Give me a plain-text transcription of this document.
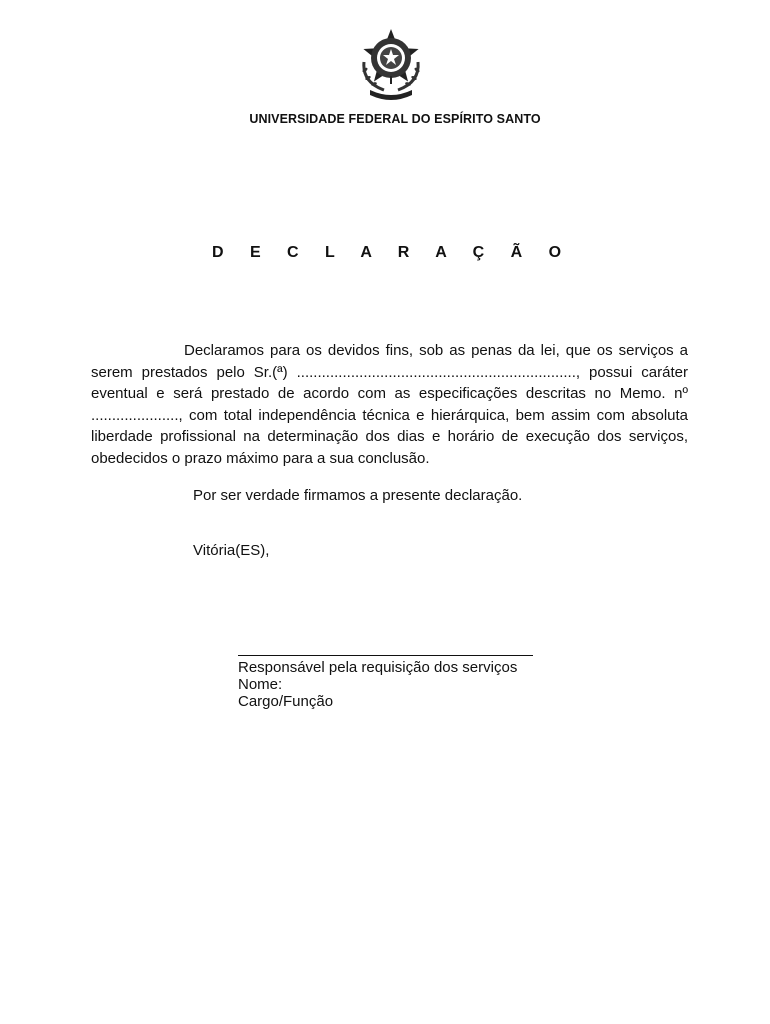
UNIVERSIDADE FEDERAL DO ESPÍRITO SANTO
D E C L A R A Ç Ã O

Declaramos para os devidos fins, sob as penas da lei, que os serviços a serem prestados pelo Sr.(ª) ..................................................................., possui caráter eventual e será prestado de acordo com as especificações descritas no Memo. nº ....................., com total independência técnica e hierárquica, bem assim com absoluta liberdade profissional na determinação dos dias e horário de execução dos serviços, obedecidos o prazo máximo para a sua conclusão.

Por ser verdade firmamos a presente declaração.

Vitória(ES),

Responsável pela requisição dos serviços
Nome:
Cargo/Função
